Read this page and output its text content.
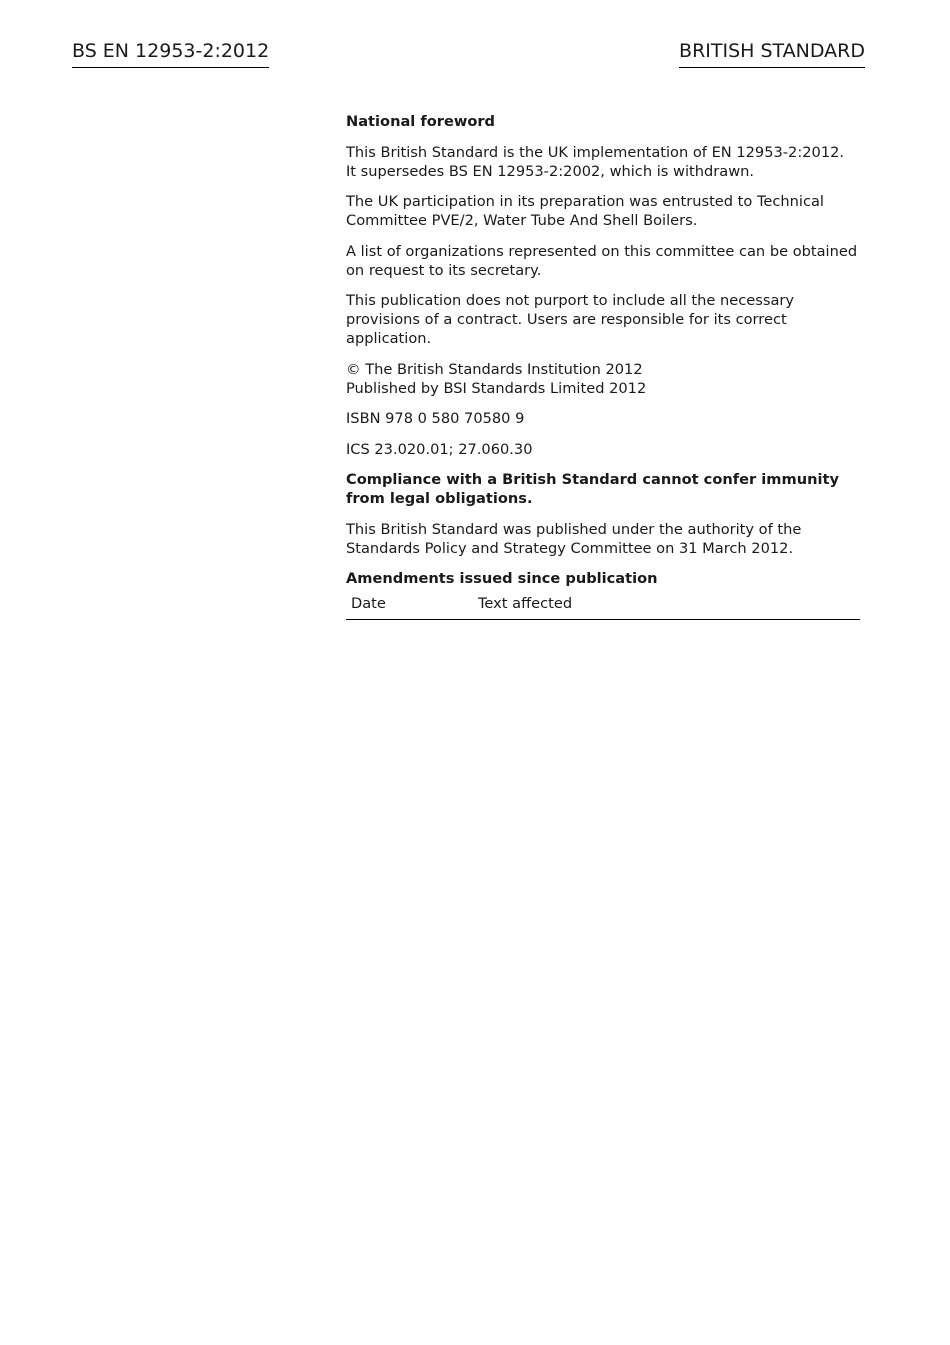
BS EN 12953-2:2012	BRITISH STANDARD

National foreword

This British Standard is the UK implementation of EN 12953-2:2012.
It supersedes BS EN 12953-2:2002, which is withdrawn.

The UK participation in its preparation was entrusted to Technical Committee PVE/2, Water Tube And Shell Boilers.

A list of organizations represented on this committee can be obtained on request to its secretary.

This publication does not purport to include all the necessary provisions of a contract. Users are responsible for its correct application.

© The British Standards Institution 2012
Published by BSI Standards Limited 2012

ISBN 978 0 580 70580 9

ICS 23.020.01; 27.060.30

Compliance with a British Standard cannot confer immunity from legal obligations.

This British Standard was published under the authority of the Standards Policy and Strategy Committee on 31 March 2012.

Amendments issued since publication

Date	Text affected
